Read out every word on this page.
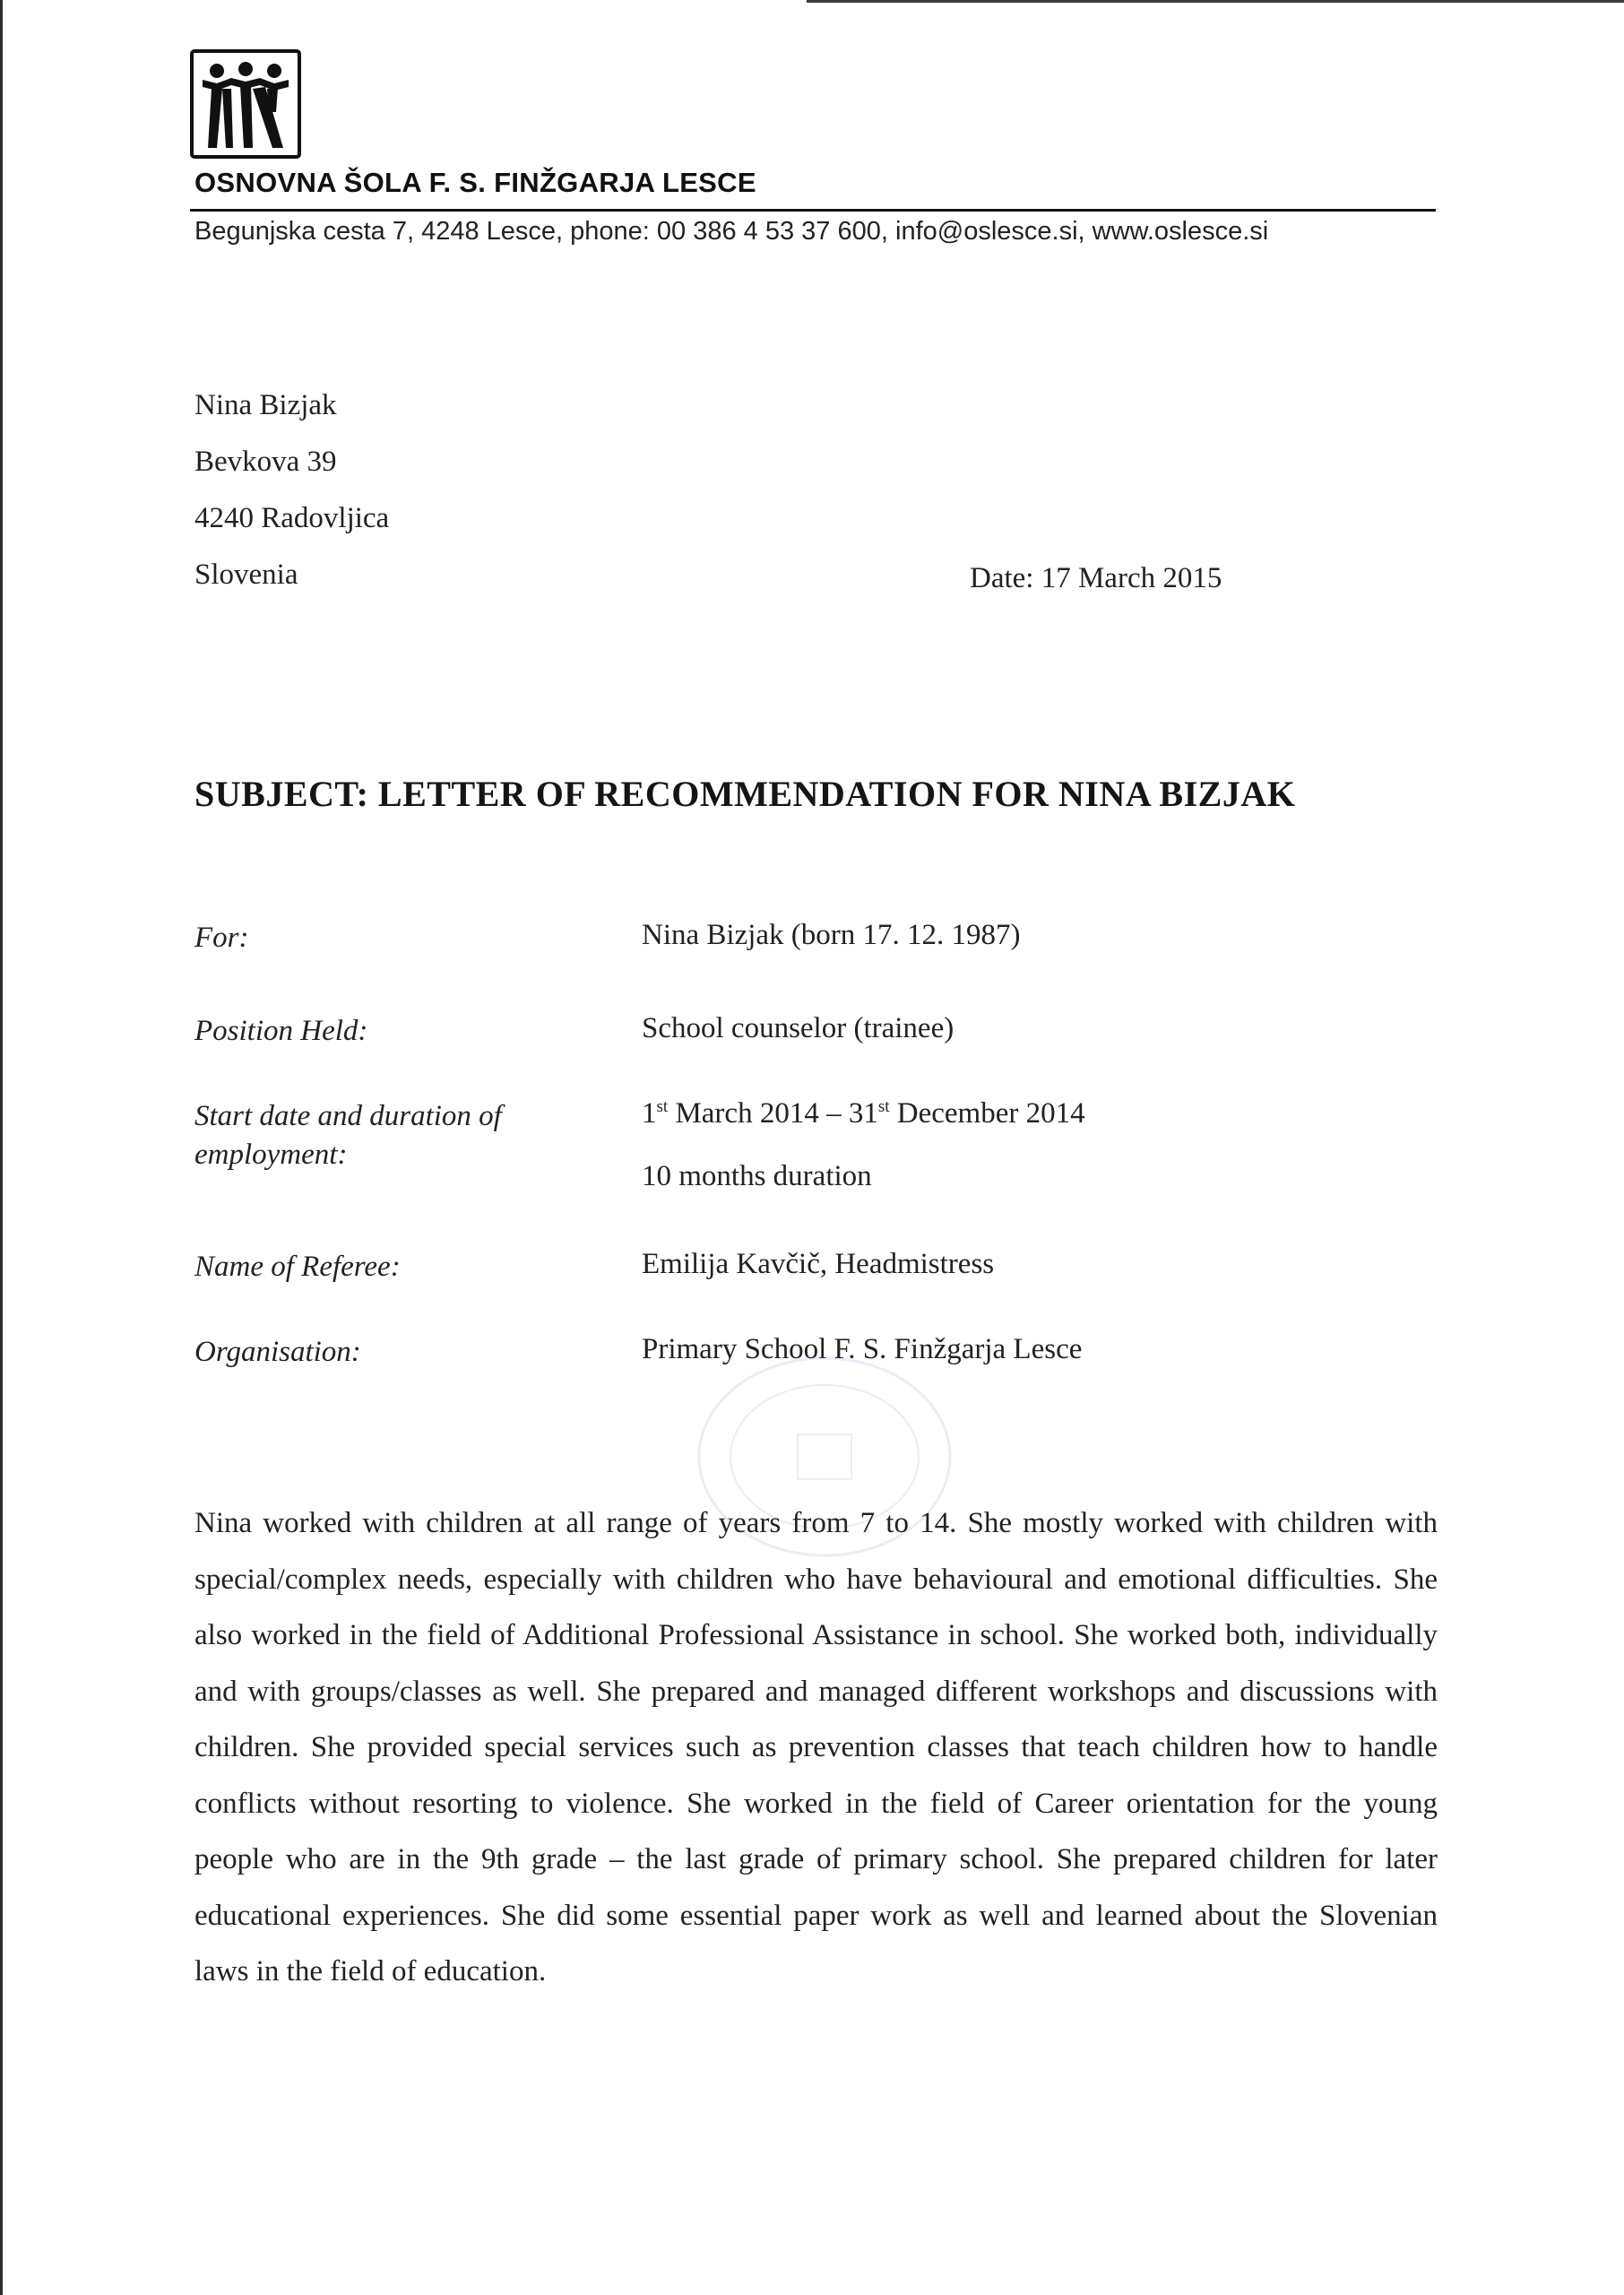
OSNOVNA ŠOLA F. S. FINŽGARJA LESCE
Begunjska cesta 7, 4248 Lesce, phone: 00 386 4 53 37 600, info@oslesce.si, www.oslesce.si
Nina Bizjak
Bevkova 39
4240 Radovljica
Slovenia	Date: 17 March 2015
SUBJECT: LETTER OF RECOMMENDATION FOR NINA BIZJAK
For:	Nina Bizjak (born 17. 12. 1987)
Position Held:	School counselor (trainee)
Start date and duration of
employment:
1st March 2014 – 31st December 2014
10 months duration
Name of Referee:	Emilija Kavčič, Headmistress
Organisation:	Primary School F. S. Finžgarja Lesce
Nina worked with children at all range of years from 7 to 14. She mostly worked with children with special/complex needs, especially with children who have behavioural and emotional difficulties. She also worked in the field of Additional Professional Assistance in school. She worked both, individually and with groups/classes as well. She prepared and managed different workshops and discussions with children. She provided special services such as prevention classes that teach children how to handle conflicts without resorting to violence. She worked in the field of Career orientation for the young people who are in the 9th grade – the last grade of primary school. She prepared children for later educational experiences. She did some essential paper work as well and learned about the Slovenian laws in the field of education.
